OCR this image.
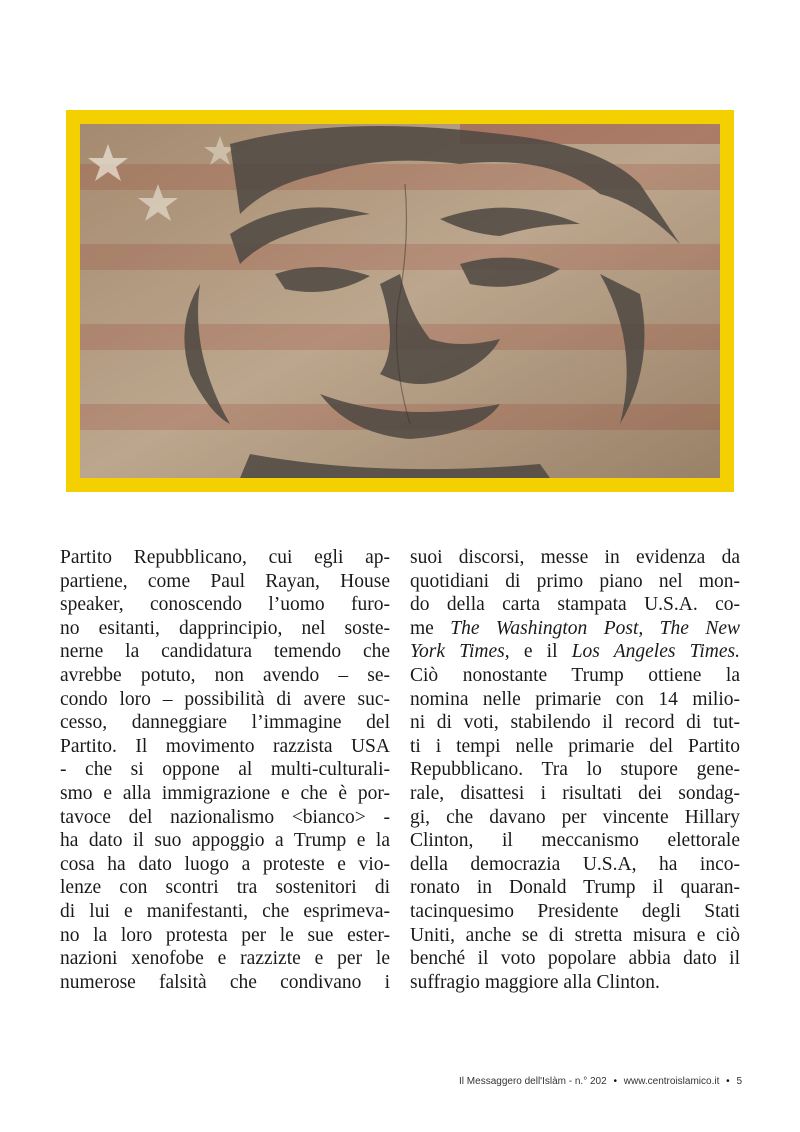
Partito Repubblicano, cui egli ap-
partiene, come Paul Rayan, House
speaker, conoscendo l’uomo furo-
no esitanti, dapprincipio, nel soste-
nerne la candidatura temendo che
avrebbe potuto, non avendo – se-
condo loro – possibilità di avere suc-
cesso, danneggiare l’immagine del
Partito. Il movimento razzista USA
- che si oppone al multi-culturali-
smo e alla immigrazione e che è por-
tavoce del nazionalismo <bianco> -
ha dato il suo appoggio a Trump e la
cosa ha dato luogo a proteste e vio-
lenze con scontri tra sostenitori di
di lui e manifestanti, che esprimeva-
no la loro protesta per le sue ester-
nazioni xenofobe e razzizte e per le
numerose falsità che condivano i
suoi discorsi, messe in evidenza da
quotidiani di primo piano nel mon-
do della carta stampata U.S.A. co-
me The Washington Post, The New
York Times, e il Los Angeles Times.
Ciò nonostante Trump ottiene la
nomina nelle primarie con 14 milio-
ni di voti, stabilendo il record di tut-
ti i tempi nelle primarie del Partito
Repubblicano. Tra lo stupore gene-
rale, disattesi i risultati dei sondag-
gi, che davano per vincente Hillary
Clinton, il meccanismo elettorale
della democrazia U.S.A, ha inco-
ronato in Donald Trump il quaran-
tacinquesimo Presidente degli Stati
Uniti, anche se di stretta misura e ciò
benché il voto popolare abbia dato il
suffragio maggiore alla Clinton.
Il Messaggero dell'Islàm - n.° 202 • www.centroislamico.it • 5
